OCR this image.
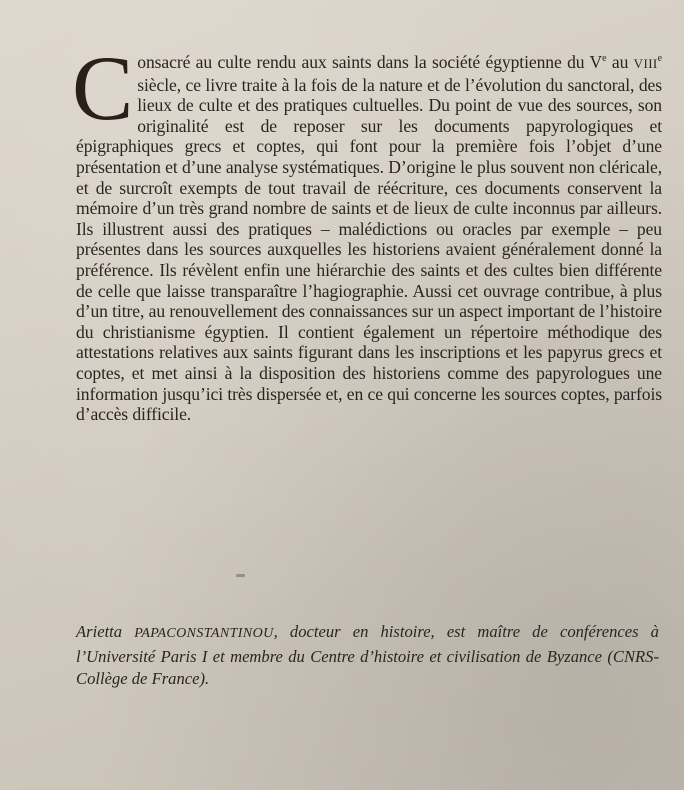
Consacré au culte rendu aux saints dans la société égyptienne du Ve au VIIIe siècle, ce livre traite à la fois de la nature et de l’évolution du sanctoral, des lieux de culte et des pratiques cultuelles. Du point de vue des sources, son originalité est de reposer sur les documents papyrologiques et épigraphiques grecs et coptes, qui font pour la première fois l’objet d’une présentation et d’une analyse systématiques. D’origine le plus souvent non cléricale, et de surcroît exempts de tout travail de réécriture, ces documents conservent la mémoire d’un très grand nombre de saints et de lieux de culte inconnus par ailleurs. Ils illustrent aussi des pratiques – malédictions ou oracles par exemple – peu présentes dans les sources auxquelles les historiens avaient généralement donné la préférence. Ils révèlent enfin une hiérarchie des saints et des cultes bien différente de celle que laisse transparaître l’hagiographie. Aussi cet ouvrage contribue, à plus d’un titre, au renouvellement des connaissances sur un aspect important de l’histoire du christianisme égyptien. Il contient également un répertoire méthodique des attestations relatives aux saints figurant dans les inscriptions et les papyrus grecs et coptes, et met ainsi à la disposition des historiens comme des papyrologues une information jusqu’ici très dispersée et, en ce qui concerne les sources coptes, parfois d’accès difficile.
Arietta PAPACONSTANTINOU, docteur en histoire, est maître de conférences à l’Université Paris I et membre du Centre d’histoire et civilisation de Byzance (CNRS-Collège de France).
